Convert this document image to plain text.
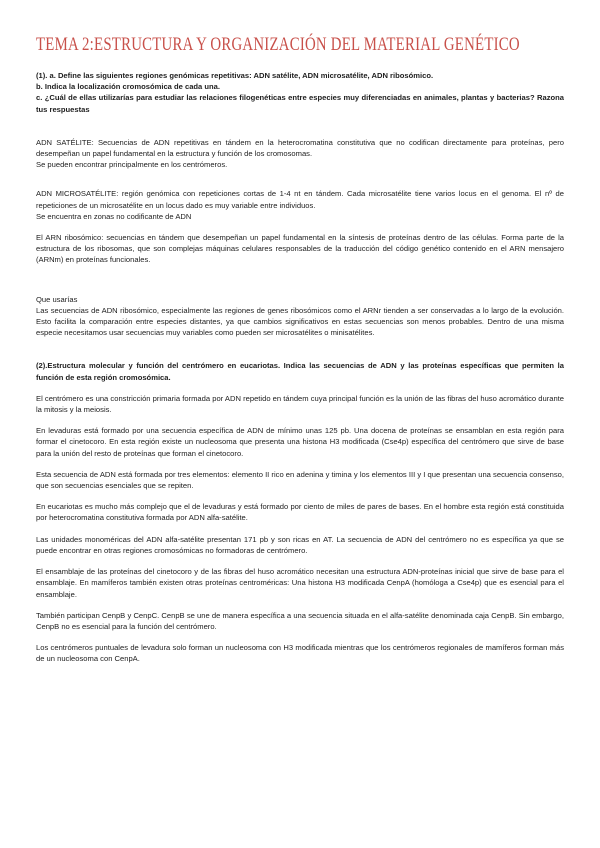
TEMA 2:ESTRUCTURA Y ORGANIZACIÓN DEL MATERIAL GENÉTICO

(1). a. Define las siguientes regiones genómicas repetitivas: ADN satélite, ADN microsatélite, ADN ribosómico.

b. Indica la localización cromosómica de cada una.

c. ¿Cuál de ellas utilizarías para estudiar las relaciones filogenéticas entre especies muy diferenciadas en animales, plantas y bacterias? Razona tus respuestas

ADN SATÉLITE: Secuencias de ADN repetitivas en tándem en la heterocromatina constitutiva que no codifican directamente para proteínas, pero desempeñan un papel fundamental en la estructura y función de los cromosomas.

Se pueden encontrar principalmente en los centrómeros.

ADN MICROSATÉLITE: región genómica con repeticiones cortas de 1-4 nt en tándem. Cada microsatélite tiene varios locus en el genoma. El nº de repeticiones de un microsatélite en un locus dado es muy variable entre individuos.

Se encuentra en zonas no codificante de ADN

El ARN ribosómico: secuencias en tándem que desempeñan un papel fundamental en la síntesis de proteínas dentro de las células. Forma parte de la estructura de los ribosomas, que son complejas máquinas celulares responsables de la traducción del código genético contenido en el ARN mensajero (ARNm) en proteínas funcionales.

Que usarías

Las secuencias de ADN ribosómico, especialmente las regiones de genes ribosómicos como el ARNr tienden a ser conservadas a lo largo de la evolución. Esto facilita la comparación entre especies distantes, ya que cambios significativos en estas secuencias son menos probables. Dentro de una misma especie necesitamos usar secuencias muy variables como pueden ser microsatélites o minisatélites.

(2).Estructura molecular y función del centrómero en eucariotas. Indica las secuencias de ADN y las proteínas específicas que permiten la función de esta región cromosómica.

El centrómero es una constricción primaria formada por ADN repetido en tándem cuya principal función es la unión de las fibras del huso acromático durante la mitosis y la meiosis.

En levaduras está formado por una secuencia específica de ADN de mínimo unas 125 pb. Una docena de proteínas se ensamblan en esta región para formar el cinetocoro. En esta región existe un nucleosoma que presenta una histona H3 modificada (Cse4p) específica del centrómero que sirve de base para la unión del resto de proteínas que forman el cinetocoro.

Esta secuencia de ADN está formada por tres elementos: elemento II rico en adenina y timina y los elementos III y I que presentan una secuencia consenso, que son secuencias esenciales que se repiten.

En eucariotas es mucho más complejo que el de levaduras y está formado por ciento de miles de pares de bases. En el hombre esta región está constituida por heterocromatina constitutiva formada por ADN alfa-satélite.

Las unidades monoméricas del ADN alfa-satélite presentan 171 pb y son ricas en AT. La secuencia de ADN del centrómero no es específica ya que se puede encontrar en otras regiones cromosómicas no formadoras de centrómero.

El ensamblaje de las proteínas del cinetocoro y de las fibras del huso acromático necesitan una estructura ADN-proteínas inicial que sirve de base para el ensamblaje. En mamíferos también existen otras proteínas centroméricas: Una histona H3 modificada CenpA (homóloga a Cse4p) que es esencial para el ensamblaje.

También participan CenpB y CenpC. CenpB se une de manera específica a una secuencia situada en el alfa-satélite denominada caja CenpB. Sin embargo, CenpB no es esencial para la función del centrómero.

Los centrómeros puntuales de levadura solo forman un nucleosoma con H3 modificada mientras que los centrómeros regionales de mamíferos forman más de un nucleosoma con CenpA.
